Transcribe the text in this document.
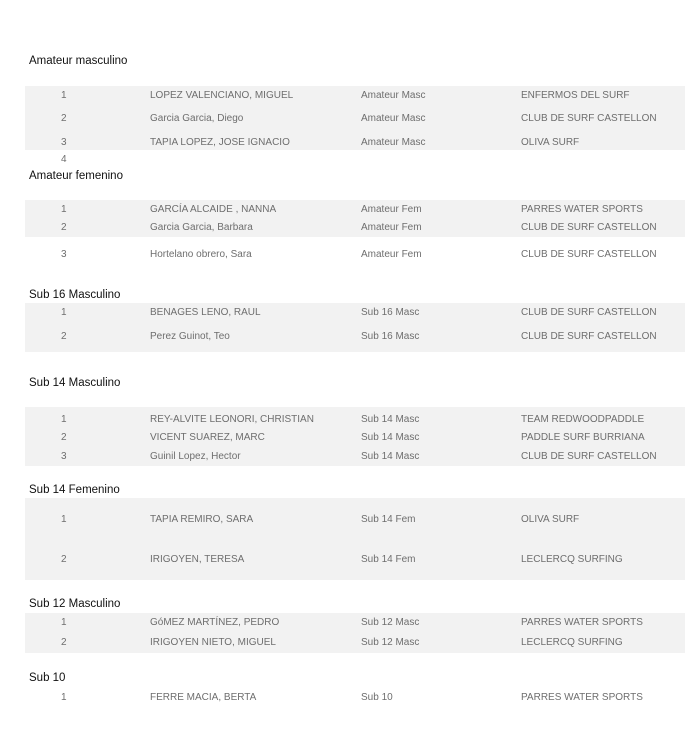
Amateur masculino
1	LOPEZ VALENCIANO, MIGUEL	Amateur Masc	ENFERMOS DEL SURF
2	Garcia Garcia, Diego	Amateur Masc	CLUB DE SURF CASTELLON
3	TAPIA LOPEZ, JOSE IGNACIO	Amateur Masc	OLIVA SURF
4
Amateur femenino
1	GARCÍA ALCAIDE , NANNA	Amateur Fem	PARRES WATER SPORTS
2	Garcia Garcia, Barbara	Amateur Fem	CLUB DE SURF CASTELLON
3	Hortelano obrero, Sara	Amateur Fem	CLUB DE SURF CASTELLON
Sub 16 Masculino
1	BENAGES LENO, RAUL	Sub 16 Masc	CLUB DE SURF CASTELLON
2	Perez Guinot, Teo	Sub 16 Masc	CLUB DE SURF CASTELLON
Sub 14 Masculino
1	REY-ALVITE LEONORI, CHRISTIAN	Sub 14 Masc	TEAM REDWOODPADDLE
2	VICENT SUAREZ, MARC	Sub 14 Masc	PADDLE SURF BURRIANA
3	Guinil Lopez, Hector	Sub 14 Masc	CLUB DE SURF CASTELLON
Sub 14 Femenino
1	TAPIA REMIRO, SARA	Sub 14 Fem	OLIVA SURF
2	IRIGOYEN, TERESA	Sub 14 Fem	LECLERCQ SURFING
Sub 12 Masculino
1	GóMEZ MARTÍNEZ, PEDRO	Sub 12 Masc	PARRES WATER SPORTS
2	IRIGOYEN NIETO, MIGUEL	Sub 12 Masc	LECLERCQ SURFING
Sub 10
1	FERRE MACIA, BERTA	Sub 10	PARRES WATER SPORTS
